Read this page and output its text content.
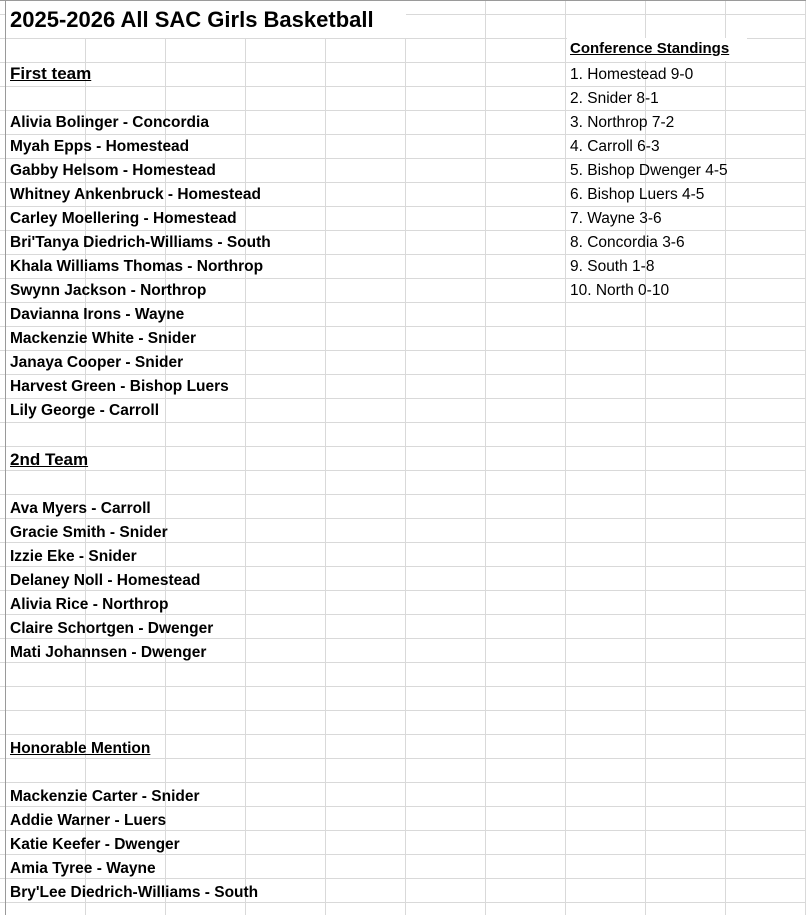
2025-2026 All SAC Girls Basketball
First team
Alivia Bolinger - Concordia
Myah Epps - Homestead
Gabby Helsom - Homestead
Whitney Ankenbruck - Homestead
Carley Moellering - Homestead
Bri'Tanya Diedrich-Williams - South
Khala Williams Thomas - Northrop
Swynn Jackson - Northrop
Davianna Irons - Wayne
Mackenzie White - Snider
Janaya Cooper - Snider
Harvest Green - Bishop Luers
Lily George - Carroll
2nd Team
Ava Myers - Carroll
Gracie Smith - Snider
Izzie Eke - Snider
Delaney Noll - Homestead
Alivia Rice - Northrop
Claire Schortgen - Dwenger
Mati Johannsen - Dwenger
Honorable Mention
Mackenzie Carter - Snider
Addie Warner - Luers
Katie Keefer - Dwenger
Amia Tyree - Wayne
Bry'Lee Diedrich-Williams - South
Conference Standings
1. Homestead 9-0
2. Snider 8-1
3. Northrop 7-2
4. Carroll 6-3
5. Bishop Dwenger 4-5
6. Bishop Luers 4-5
7. Wayne 3-6
8. Concordia 3-6
9. South 1-8
10. North 0-10
